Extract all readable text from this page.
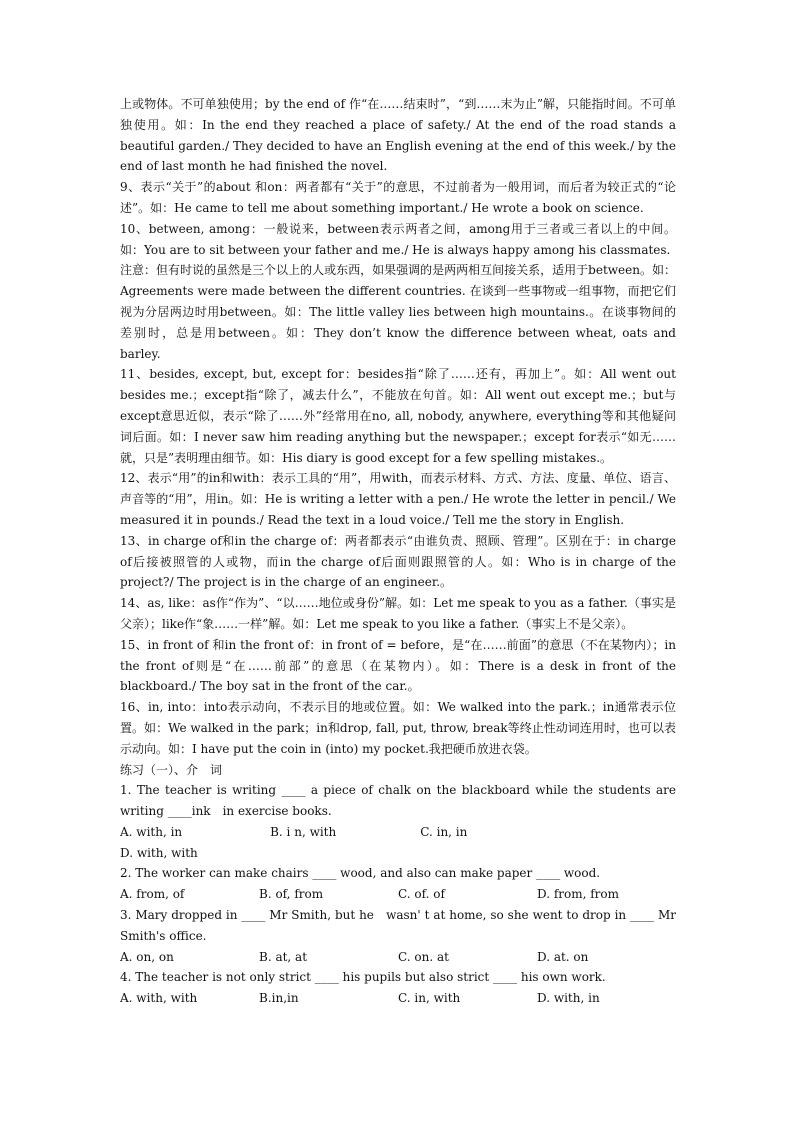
上或物体。不可单独使用；by the end of 作“在……结束时”，“到……末为止”解，只能指时间。不可单独使用。如：In the end they reached a place of safety./ At the end of the road stands a beautiful garden./ They decided to have an English evening at the end of this week./ by the end of last month he had finished the novel.

9、表示“关于”的about 和on：两者都有“关于”的意思，不过前者为一般用词，而后者为较正式的“论述”。如：He came to tell me about something important./ He wrote a book on science.

10、between, among：一般说来，between表示两者之间，among用于三者或三者以上的中间。如：You are to sit between your father and me./ He is always happy among his classmates.

注意：但有时说的虽然是三个以上的人或东西，如果强调的是两两相互间接关系，适用于between。如：Agreements were made between the different countries. 在谈到一些事物或一组事物，而把它们视为分居两边时用between。如：The little valley lies between high mountains.。在谈事物间的差别时，总是用between。如：They don’t know the difference between wheat, oats and barley.

11、besides, except, but, except for：besides指“除了……还有，再加上”。如：All went out besides me.；except指“除了，减去什么”，不能放在句首。如：All went out except me.；but与except意思近似，表示“除了……外”经常用在no, all, nobody, anywhere, everything等和其他疑问词后面。如：I never saw him reading anything but the newspaper.；except for表示“如无……就，只是”表明理由细节。如：His diary is good except for a few spelling mistakes.。

12、表示“用”的in和with：表示工具的“用”，用with，而表示材料、方式、方法、度量、单位、语言、声音等的“用”，用in。如：He is writing a letter with a pen./ He wrote the letter in pencil./ We measured it in pounds./ Read the text in a loud voice./ Tell me the story in English.

13、in charge of和in the charge of：两者都表示“由谁负责、照顾、管理”。区别在于：in charge of后接被照管的人或物，而in the charge of后面则跟照管的人。如：Who is in charge of the project?/ The project is in the charge of an engineer.。

14、as, like：as作“作为”、“以……地位或身份”解。如：Let me speak to you as a father.（事实是父亲）；like作“象……一样”解。如：Let me speak to you like a father.（事实上不是父亲）。

15、in front of 和in the front of：in front of = before，是“在……前面”的意思（不在某物内）；in the front of则是“在……前部”的意思（在某物内）。如：There is a desk in front of the blackboard./ The boy sat in the front of the car.。

16、in, into：into表示动向，不表示目的地或位置。如：We walked into the park.；in通常表示位置。如：We walked in the park；in和drop, fall, put, throw, break等终止性动词连用时，也可以表示动向。如：I have put the coin in (into) my pocket.我把硬币放进衣袋。

练习（一）、介　词

1. The teacher is writing ____ a piece of chalk on the blackboard while the students are writing ____ink　in exercise books.

A. with, in	B. i n, with	C. in, in
D. with, with

2. The worker can make chairs ____ wood, and also can make paper ____ wood.

A. from, of	B. of, from	C. of. of	D. from, from

3. Mary dropped in ____ Mr Smith, but he　wasn' t at home, so she went to drop in ____ Mr Smith's office.

A. on, on	B. at, at	C. on. at	D. at. on

4. The teacher is not only strict ____ his pupils but also strict ____ his own work.

A. with, with	B.in,in	C. in, with	D. with, in
